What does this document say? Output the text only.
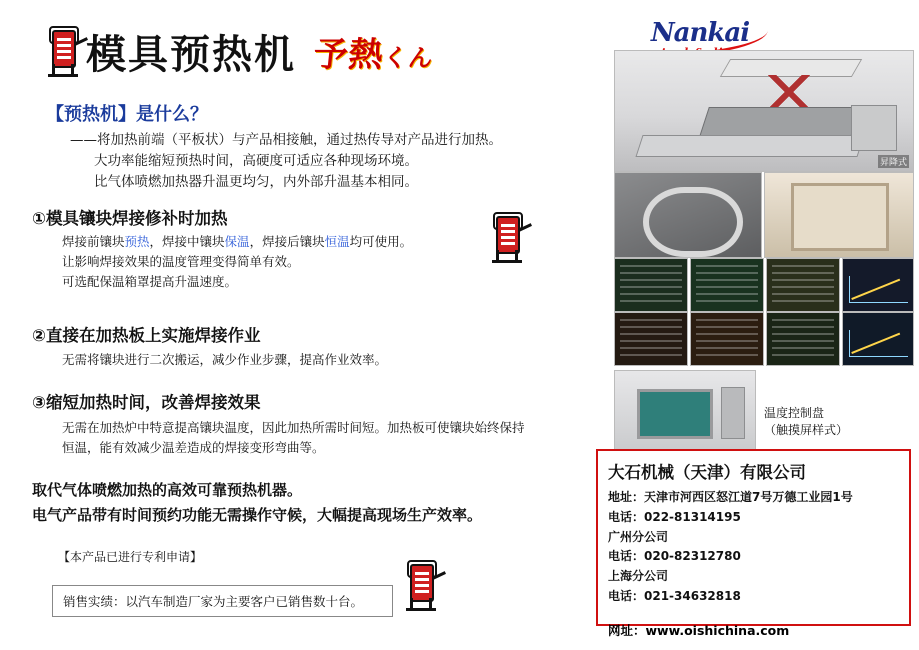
模具预热机 予熱くん
【预热机】是什么？
——将加热前端（平板状）与产品相接触，通过热传导对产品进行加热。
大功率能缩短预热时间，高硬度可适应各种现场环境。
比气体喷燃加热器升温更均匀，内外部升温基本相同。
①模具镶块焊接修补时加热
焊接前镶块预热，焊接中镶块保温，焊接后镶块恒温均可使用。
让影响焊接效果的温度管理变得简单有效。
可选配保温箱罩提高升温速度。
②直接在加热板上实施焊接作业
无需将镶块进行二次搬运，减少作业步骤，提高作业效率。
③缩短加热时间，改善焊接效果
无需在加热炉中特意提高镶块温度，因此加热所需时间短。加热板可使镶块始终保持
恒温，能有效减少温差造成的焊接变形弯曲等。
取代气体喷燃加热的高效可靠预热机器。
电气产品带有时间预约功能无需操作守候，大幅提高现场生产效率。
【本产品已进行专利申请】
销售实绩：以汽车制造厂家为主要客户已销售数十台。
Nankai
昇降式
温度控制盘
（触摸屏样式）
大石机械（天津）有限公司
地址：天津市河西区怒江道7号万德工业园1号
电话：022-81314195
广州分公司
电话：020-82312780
上海分公司
电话：021-34632818
网址：www.oishichina.com
